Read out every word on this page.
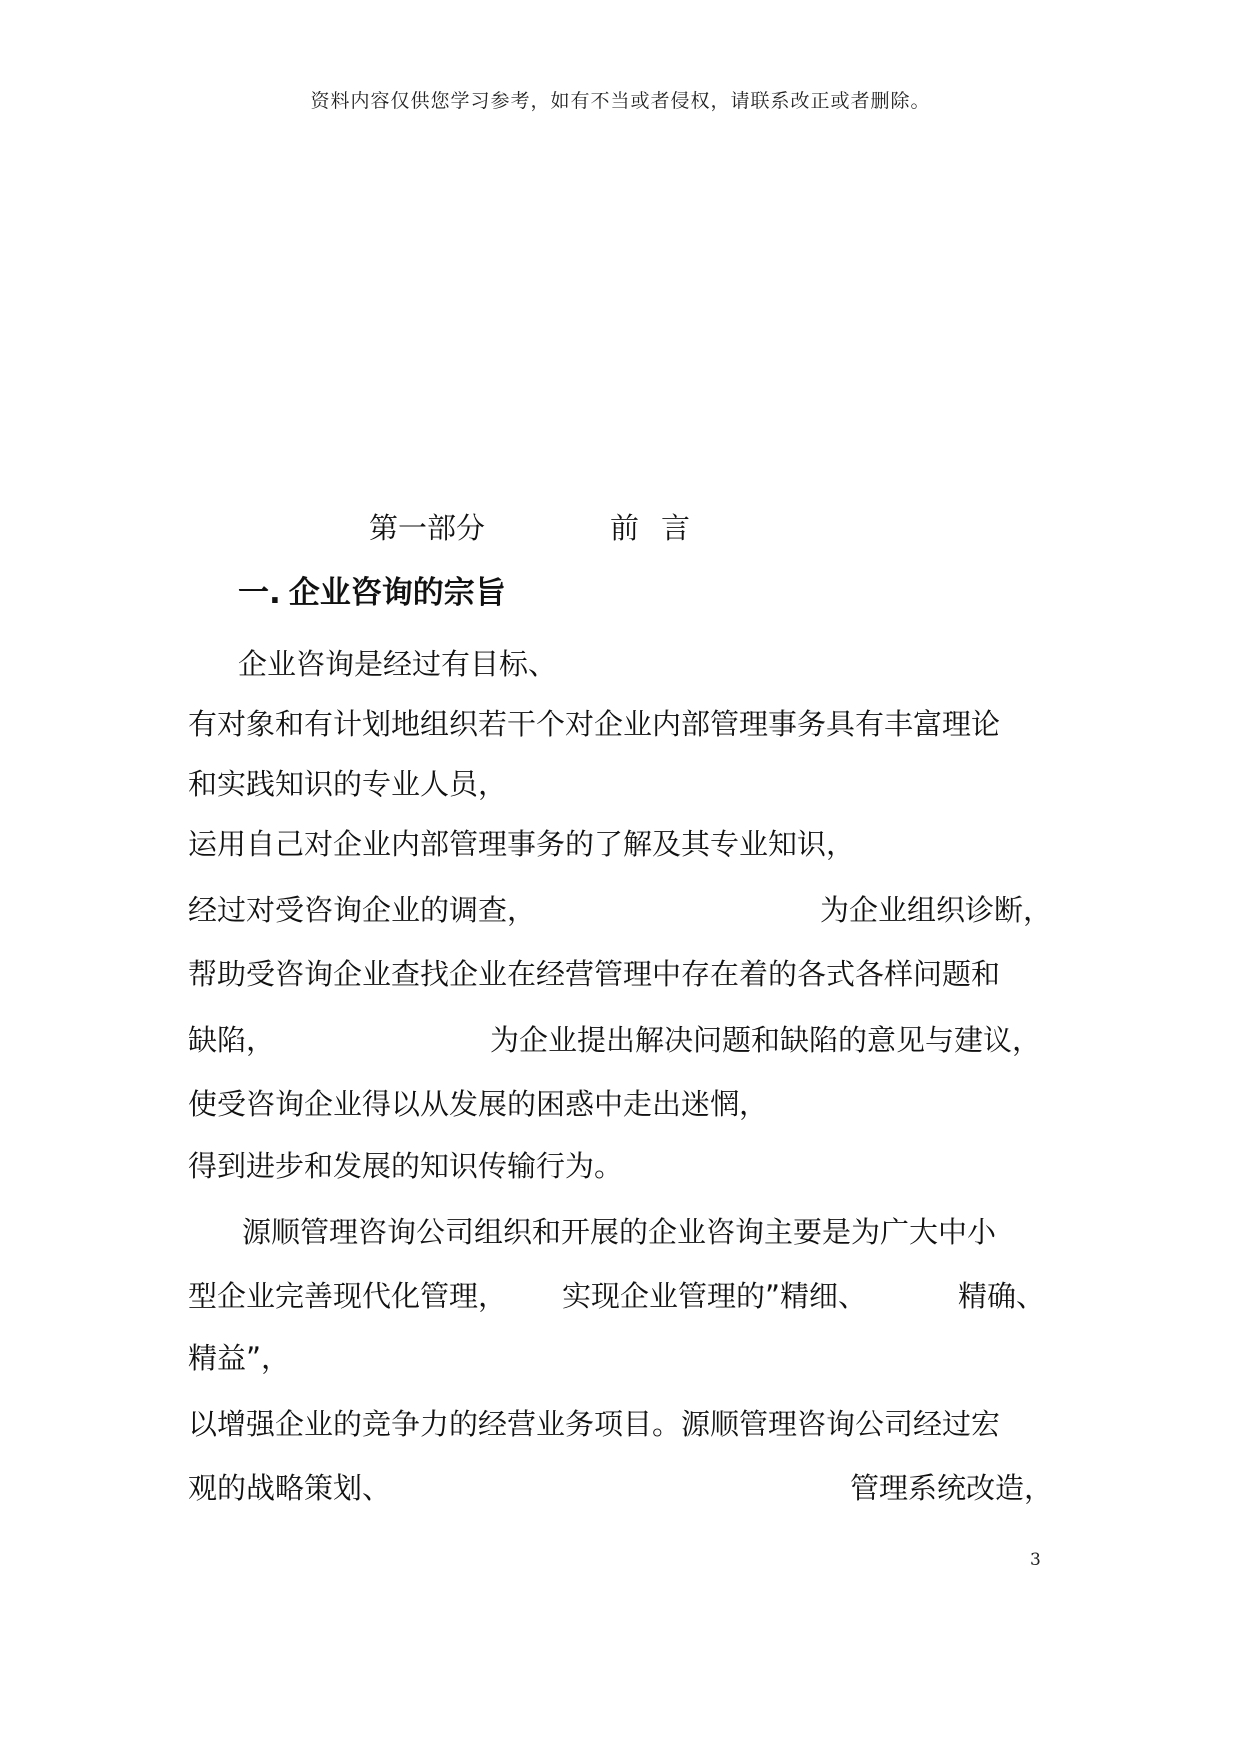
资料内容仅供您学习参考，如有不当或者侵权，请联系改正或者删除。
第一部分	前言
一. 企业咨询的宗旨
企业咨询是经过有目标、
有对象和有计划地组织若干个对企业内部管理事务具有丰富理论
和实践知识的专业人员，
运用自己对企业内部管理事务的了解及其专业知识，
经过对受咨询企业的调查，	为企业组织诊断，
帮助受咨询企业查找企业在经营管理中存在着的各式各样问题和
缺陷，	为企业提出解决问题和缺陷的意见与建议，
使受咨询企业得以从发展的困惑中走出迷惘，
得到进步和发展的知识传输行为。
源顺管理咨询公司组织和开展的企业咨询主要是为广大中小
型企业完善现代化管理， 实现企业管理的”精细、	精确、
精益”，
以增强企业的竞争力的经营业务项目。源顺管理咨询公司经过宏
观的战略策划、	管理系统改造，
3
